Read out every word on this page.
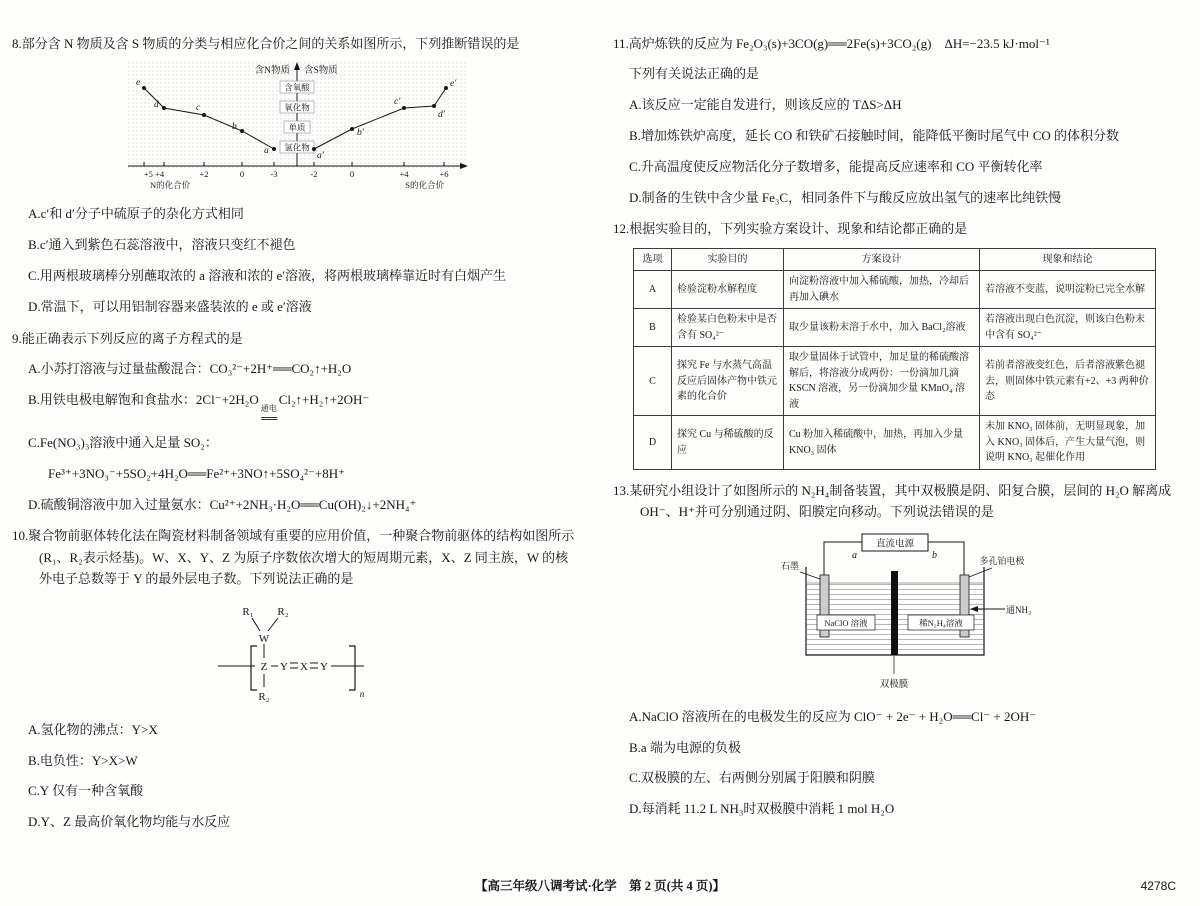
8.部分含 N 物质及含 S 物质的分类与相应化合价之间的关系如图所示，下列推断错误的是

含N物质 含S物质
含氧酸
氧化物
单质
氢化物
e
d	c
b
a	a′
b′
c′
d′
e′
+5 +4	+2	0	-3	-2	0	+4	+6
N的化合价	S的化合价

A.c′和 d′分子中硫原子的杂化方式相同

B.c′通入到紫色石蕊溶液中，溶液只变红不褪色

C.用两根玻璃棒分别蘸取浓的 a 溶液和浓的 e′溶液，将两根玻璃棒靠近时有白烟产生

D.常温下，可以用铝制容器来盛装浓的 e 或 e′溶液

9.能正确表示下列反应的离子方程式的是

A.小苏打溶液与过量盐酸混合：CO₃²⁻+2H⁺══CO₂↑+H₂O

B.用铁电极电解饱和食盐水：2Cl⁻+2H₂O
通电
══
Cl₂↑+H₂↑+2OH⁻

C.Fe(NO₃)₃溶液中通入足量 SO₂：

Fe³⁺+3NO₃⁻+5SO₂+4H₂O══Fe²⁺+3NO↑+5SO₄²⁻+8H⁺

D.硫酸铜溶液中加入过量氨水：Cu²⁺+2NH₃·H₂O══Cu(OH)₂↓+2NH₄⁺

10.聚合物前驱体转化法在陶瓷材料制备领域有重要的应用价值，一种聚合物前驱体的结构如图所示(R₁、R₂表示烃基)。W、X、Y、Z 为原子序数依次增大的短周期元素，X、Z 同主族，W 的核外电子总数等于 Y 的最外层电子数。下列说法正确的是

R₁ R₂
W
Z Y X Y
R₂	n

A.氢化物的沸点：Y>X

B.电负性：Y>X>W

C.Y 仅有一种含氧酸

D.Y、Z 最高价氧化物均能与水反应

11.高炉炼铁的反应为 Fe₂O₃(s)+3CO(g)══2Fe(s)+3CO₂(g)　ΔH=−23.5 kJ·mol⁻¹

下列有关说法正确的是

A.该反应一定能自发进行，则该反应的 TΔS>ΔH

B.增加炼铁炉高度，延长 CO 和铁矿石接触时间，能降低平衡时尾气中 CO 的体积分数

C.升高温度使反应物活化分子数增多，能提高反应速率和 CO 平衡转化率

D.制备的生铁中含少量 Fe₃C，相同条件下与酸反应放出氢气的速率比纯铁慢

12.根据实验目的，下列实验方案设计、现象和结论都正确的是

选项	实验目的	方案设计	现象和结论
A	检验淀粉水解程度	向淀粉溶液中加入稀硫酸，加热，冷却后再加入碘水	若溶液不变蓝，说明淀粉已完全水解
B	检验某白色粉末中是否含有 SO₄²⁻	取少量该粉末溶于水中，加入 BaCl₂溶液	若溶液出现白色沉淀，则该白色粉末中含有 SO₄²⁻
C	探究 Fe 与水蒸气高温反应后固体产物中铁元素的化合价	取少量固体于试管中，加足量的稀硫酸溶解后，将溶液分成两份：一份滴加几滴 KSCN 溶液，另一份滴加少量 KMnO₄ 溶液	若前者溶液变红色，后者溶液紫色褪去，则固体中铁元素有+2、+3 两种价态
D	探究 Cu 与稀硫酸的反应	Cu 粉加入稀硫酸中，加热，再加入少量 KNO₃ 固体	未加 KNO₃ 固体前，无明显现象，加入 KNO₃ 固体后，产生大量气泡，则说明 KNO₃ 起催化作用

13.某研究小组设计了如图所示的 N₂H₄制备装置，其中双极膜是阴、阳复合膜，层间的 H₂O 解离成 OH⁻、H⁺并可分别通过阴、阳膜定向移动。下列说法错误的是

直流电源
a	b
石墨	多孔铂电极
通NH₃
NaClO 溶液	稀N₂H₄溶液
双极膜

A.NaClO 溶液所在的电极发生的反应为 ClO⁻ + 2e⁻ + H₂O══Cl⁻ + 2OH⁻

B.a 端为电源的负极

C.双极膜的左、右两侧分别属于阳膜和阴膜

D.每消耗 11.2 L NH₃时双极膜中消耗 1 mol H₂O

【高三年级八调考试·化学　第 2 页(共 4 页)】	4278C
